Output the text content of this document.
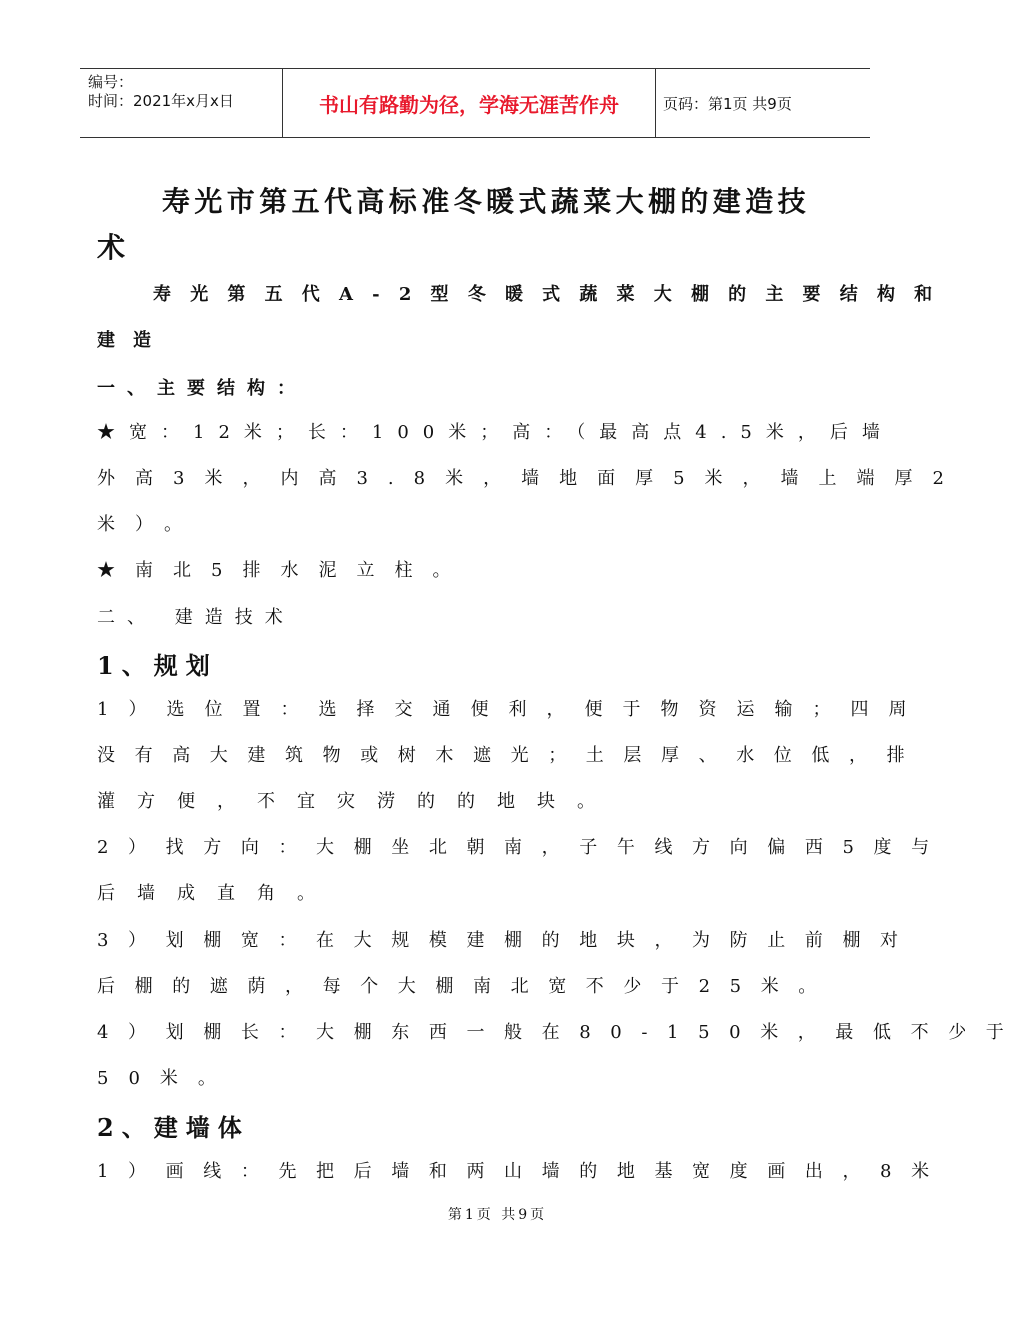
编号：
时间：2021年x月x日	书山有路勤为径，学海无涯苦作舟	页码：第1页 共9页
寿光市第五代高标准冬暖式蔬菜大棚的建造技
术
寿光第五代A-2型冬暖式蔬菜大棚的主要结构和
建造
一、主要结构：
★宽：12米；长：100米；高：（最高点4.5米，后墙
外高3米，内高3.8米，墙地面厚5米，墙上端厚2
米）。
★南北5排水泥立柱。
二、 建造技术
1、规划
1）选位置：选择交通便利，便于物资运输；四周
没有高大建筑物或树木遮光；土层厚、水位低，排
灌方便，不宜灾涝的的地块。
2）找方向：大棚坐北朝南，子午线方向偏西5度与
后墙成直角。
3）划棚宽：在大规模建棚的地块，为防止前棚对
后棚的遮荫，每个大棚南北宽不少于25米。
4）划棚长：大棚东西一般在80-150米，最低不少于
50米。
2、建墙体
1）画线：先把后墙和两山墙的地基宽度画出，8米
第1页 共9页
